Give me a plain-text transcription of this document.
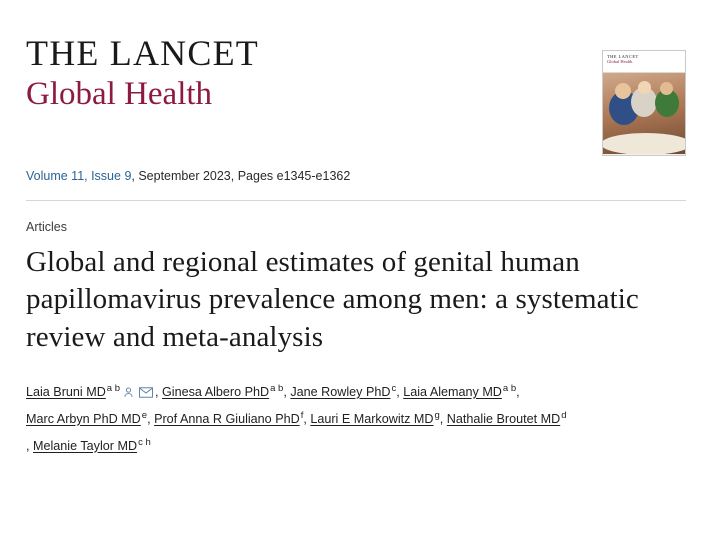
THE LANCET
Global Health
THE LANCET
Global Health
Volume 11, Issue 9, September 2023, Pages e1345-e1362
Articles
Global and regional estimates of genital human papillomavirus prevalence among men: a systematic review and meta-analysis
Laia Bruni MD$^{a b}$	, Ginesa Albero PhD$^{a b}$, Jane Rowley PhD$^c$, Laia Alemany MD$^{a b}$,
Marc Arbyn PhD MDe, Prof Anna R Giuliano PhD$^f$, Lauri E Markowitz MD$^g$, Nathalie Broutet MD$^d$
, Melanie Taylor MD$^{c h}$
